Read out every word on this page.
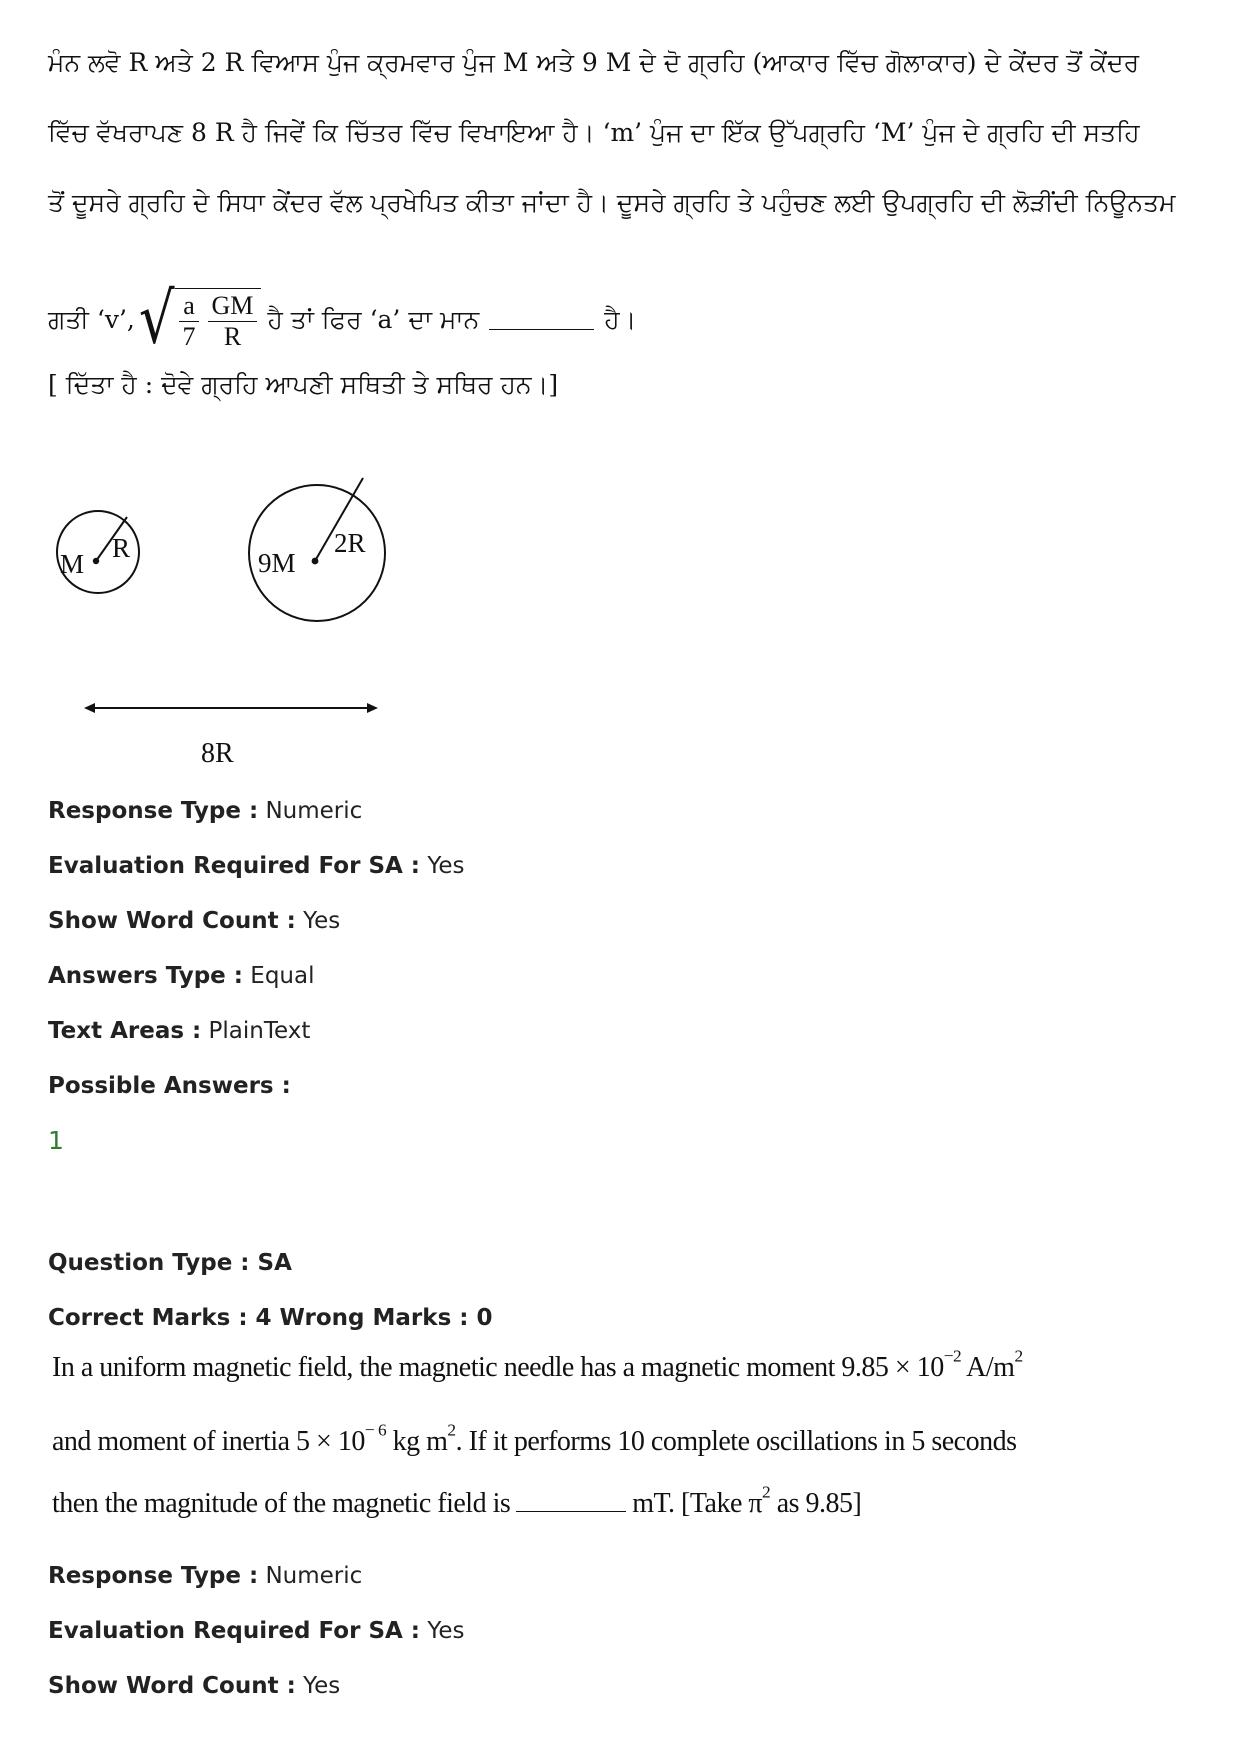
ਮੰਨ ਲਵੋ R ਅਤੇ 2 R ਵਿਆਸ ਪੁੰਜ ਕ੍ਰਮਵਾਰ ਪੁੰਜ M ਅਤੇ 9 M ਦੇ ਦੋ ਗ੍ਰਹਿ (ਆਕਾਰ ਵਿੱਚ ਗੋਲਾਕਾਰ) ਦੇ ਕੇਂਦਰ ਤੋਂ ਕੇਂਦਰ
ਵਿੱਚ ਵੱਖਰਾਪਣ 8 R ਹੈ ਜਿਵੇਂ ਕਿ ਚਿੱਤਰ ਵਿੱਚ ਵਿਖਾਇਆ ਹੈ। ‘m’ ਪੁੰਜ ਦਾ ਇੱਕ ਉੱਪਗ੍ਰਹਿ ‘M’ ਪੁੰਜ ਦੇ ਗ੍ਰਹਿ ਦੀ ਸਤਹਿ
ਤੋਂ ਦੂਸਰੇ ਗ੍ਰਹਿ ਦੇ ਸਿਧਾ ਕੇਂਦਰ ਵੱਲ ਪ੍ਰਖੇਪਿਤ ਕੀਤਾ ਜਾਂਦਾ ਹੈ। ਦੂਸਰੇ ਗ੍ਰਹਿ ਤੇ ਪਹੁੰਚਣ ਲਈ ਉਪਗ੍ਰਹਿ ਦੀ ਲੋੜੀਂਦੀ ਨਿਊਨਤਮ
ਗਤੀ ‘v’, √ $\frac{a}{7} \frac{GM}{R}$ ਹੈ ਤਾਂ ਫਿਰ ‘a’ ਦਾ ਮਾਨ	ਹੈ।
[ ਦਿੱਤਾ ਹੈ : ਦੋਵੇ ਗ੍ਰਹਿ ਆਪਣੀ ਸਥਿਤੀ ਤੇ ਸਥਿਰ ਹਨ।]
M
R	9M
2R
8R
Response Type : Numeric
Evaluation Required For SA : Yes
Show Word Count : Yes
Answers Type : Equal
Text Areas : PlainText
Possible Answers :
1
Question Type : SA
Correct Marks : 4 Wrong Marks : 0
In a uniform magnetic field, the magnetic needle has a magnetic moment $9.85 \times 10^{-2}$ $A/m^2$
and moment of inertia $5 \times 10^{- 6}$ kg $m^2$. If it performs 10 complete oscillations in 5 seconds
then the magnitude of the magnetic field is	mT. [Take $\pi^2$ as 9.85]
Response Type : Numeric
Evaluation Required For SA : Yes
Show Word Count : Yes
